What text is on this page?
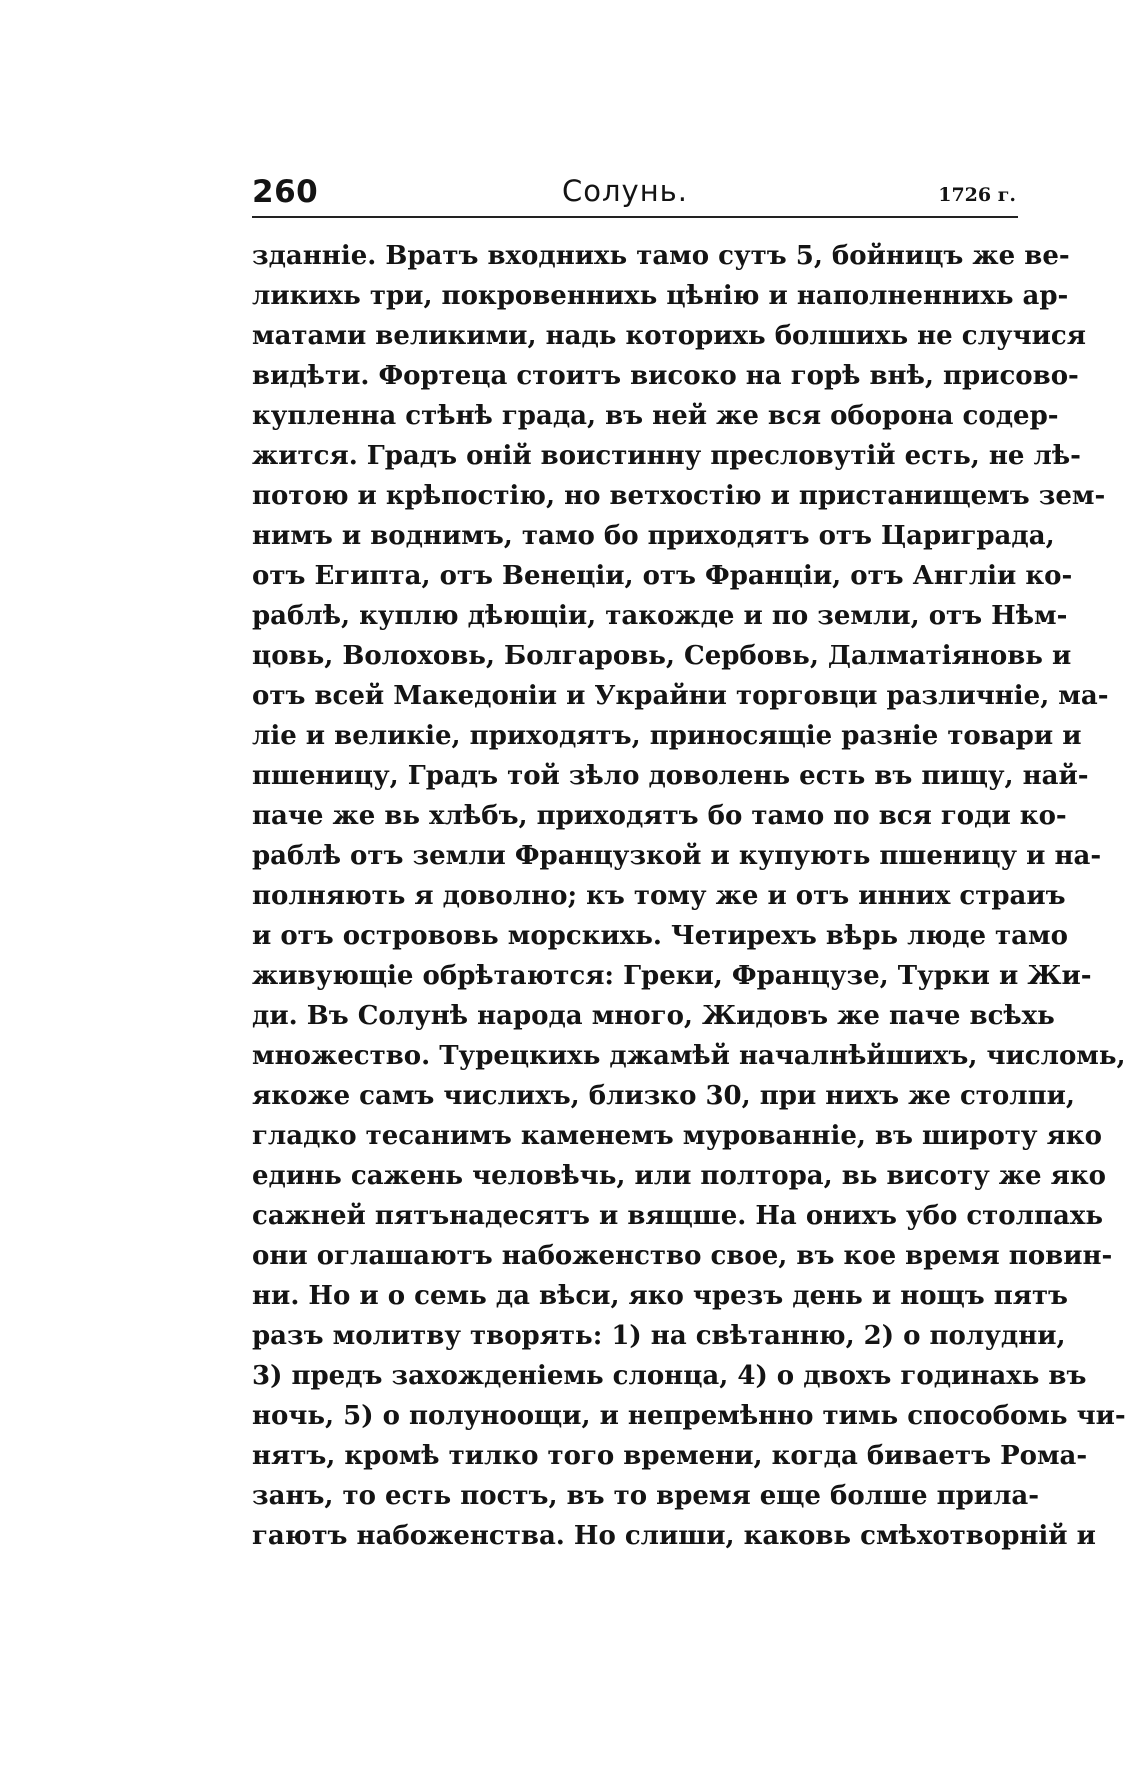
260	Солунь.	1726 г.
зданніе. Вратъ входнихь тамо сутъ 5, бойницъ же ве-
ликихь три, покровеннихь цѣнію и наполненнихь ар-
матами великими, надь которихь болшихь не случися
видѣти. Фортеца стоитъ високо на горѣ внѣ, присово-
купленна стѣнѣ града, въ ней же вся оборона содер-
жится. Градъ оній воистинну пресловутій есть, не лѣ-
потою и крѣпостію, но ветхостію и пристанищемъ зем-
нимъ и воднимъ, тамо бо приходятъ отъ Цариграда,
отъ Египта, отъ Венеціи, отъ Франціи, отъ Англіи ко-
раблѣ, куплю дѣющіи, такожде и по земли, отъ Нѣм-
цовь, Волоховь, Болгаровь, Сербовь, Далматіяновь и
отъ всей Македоніи и Украйни торговци различніе, ма-
ліе и великіе, приходятъ, приносящіе разніе товари и
пшеницу, Градъ той зѣло доволень есть въ пищу, най-
паче же вь хлѣбъ, приходятъ бо тамо по вся годи ко-
раблѣ отъ земли Французкой и купують пшеницу и на-
полняють я доволно; къ тому же и отъ инних страиъ
и отъ острововь морскихь. Четирехъ вѣрь люде тамо
живующіе обрѣтаются: Греки, Французе, Турки и Жи-
ди. Въ Солунѣ народа много, Жидовъ же паче всѣхь
множество. Турецкихь джамѣй началнѣйшихъ, числомь,
якоже самъ числихъ, близко 30, при нихъ же столпи,
гладко тесанимъ каменемъ мурованніе, въ широту яко
единь сажень человѣчь, или полтора, вь висоту же яко
сажней пятънадесятъ и вящше. На онихъ убо столпахь
они оглашаютъ набоженство свое, въ кое время повин-
ни. Но и о семь да вѣси, яко чрезъ день и нощъ пятъ
разъ молитву творять: 1) на свѣтанню, 2) о полудни,
3) предъ захожденіемь слонца, 4) о двохъ годинахь въ
ночь, 5) о полуноощи, и непремѣнно тимь способомь чи-
нятъ, кромѣ тилко того времени, когда биваетъ Рома-
занъ, то есть постъ, въ то время еще болше прила-
гаютъ набоженства. Но слиши, каковь смѣхотворній и
